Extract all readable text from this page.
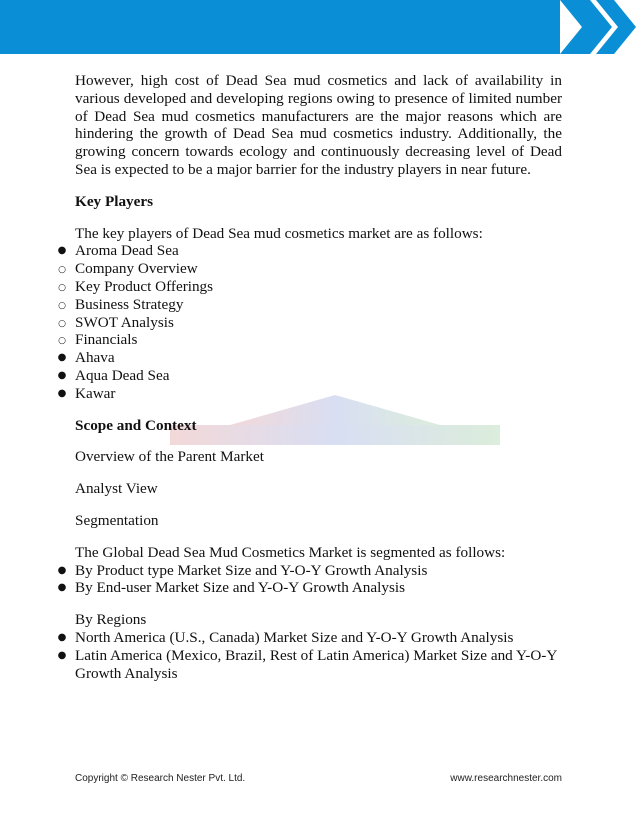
However, high cost of Dead Sea mud cosmetics and lack of availability in various developed and developing regions owing to presence of limited number of Dead Sea mud cosmetics manufacturers are the major reasons which are hindering the growth of Dead Sea mud cosmetics industry. Additionally, the growing concern towards ecology and continuously decreasing level of Dead Sea is expected to be a major barrier for the industry players in near future.

Key Players

The key players of Dead Sea mud cosmetics market are as follows:

● Aroma Dead Sea
○ Company Overview
○ Key Product Offerings
○ Business Strategy
○ SWOT Analysis
○ Financials
● Ahava
● Aqua Dead Sea
● Kawar

Scope and Context

Overview of the Parent Market

Analyst View

Segmentation

The Global Dead Sea Mud Cosmetics Market is segmented as follows:

● By Product type Market Size and Y-O-Y Growth Analysis
● By End-user Market Size and Y-O-Y Growth Analysis

By Regions

● North America (U.S., Canada) Market Size and Y-O-Y Growth Analysis
● Latin America (Mexico, Brazil, Rest of Latin America) Market Size and Y-O-Y Growth Analysis
Copyright © Research Nester Pvt. Ltd.	www.researchnester.com
